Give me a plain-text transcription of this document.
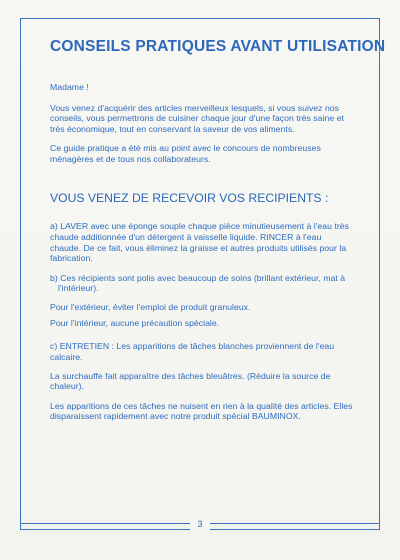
3
CONSEILS PRATIQUES AVANT UTILISATION
Madame !
Vous venez d'acquérir des articles merveilleux lesquels, si vous suivez nos conseils, vous permettrons de cuisiner chaque jour d'une façon très saine et très économique, tout en conservant la saveur de vos aliments.
Ce guide pratique a été mis au point avec le concours de nombreuses ménagères et de tous nos collaborateurs.
VOUS VENEZ DE RECEVOIR VOS RECIPIENTS :
a) LAVER avec une éponge souple chaque pièce minutieusement à l'eau très chaude additionnée d'un détergent à vaisselle liquide. RINCER à l'eau chaude. De ce fait, vous éliminez la graisse et autres produits utilisés pour la fabrication.
b) Ces récipients sont polis avec beaucoup de soins (brillant extérieur, mat à l'intérieur).
Pour l'extérieur, éviter l'emploi de produit granuleux.
Pour l'intérieur, aucune précaution spéciale.
c) ENTRETIEN : Les apparitions de tâches blanches proviennent de l'eau calcaire.
La surchauffe fait apparaître des tâches bleuâtres. (Réduire la source de chaleur).
Les apparitions de ces tâches ne nuisent en rien à la qualité des articles. Elles disparaissent rapidement avec notre produit spécial BAUMINOX.
